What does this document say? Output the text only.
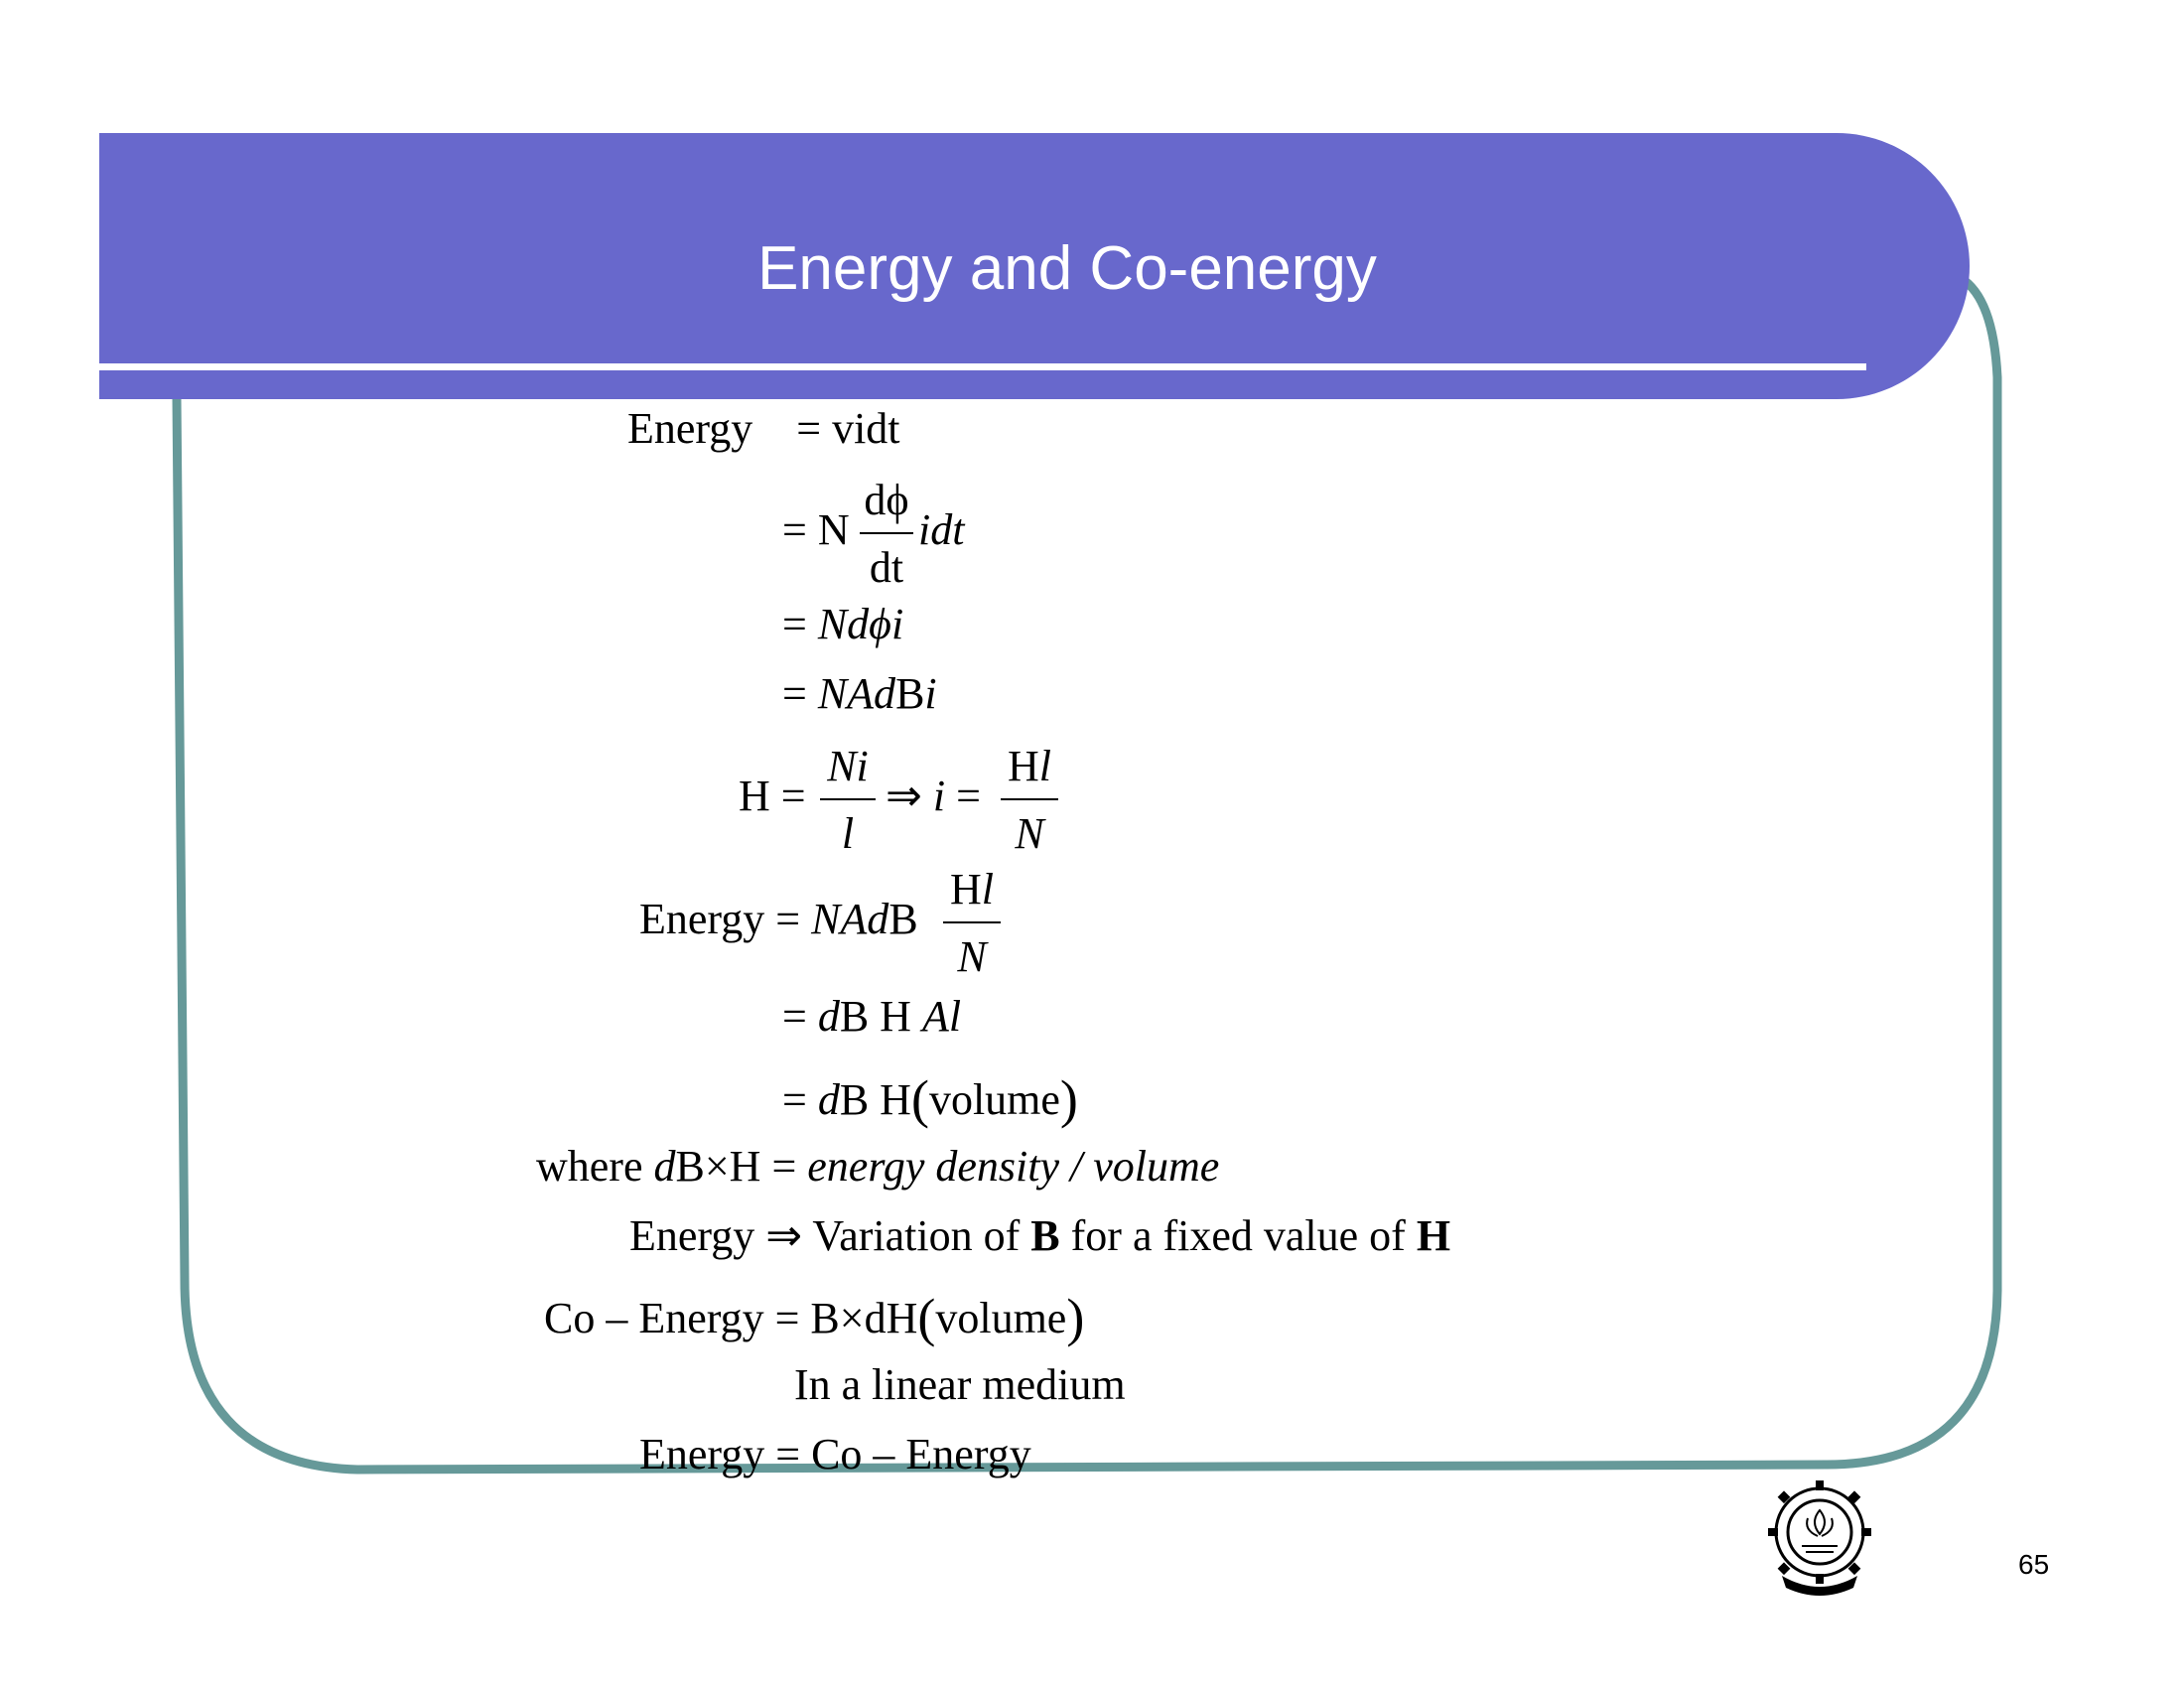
Energy and Co-energy
Energy = vidt
= N $\frac{d\phi}{dt}$ idt
= Ndϕi
= NAdBi
$H = \frac{Ni}{l}$ ⇒ $i = \frac{Hl}{N}$
Energy = NAdB $\frac{Hl}{N}$
= dB H Al
= dB H(volume)
where dB×H = energy density / volume
Energy ⇒ Variation of B for a fixed value of H
Co – Energy = B×dH(volume)
In a linear medium
Energy = Co – Energy
65
